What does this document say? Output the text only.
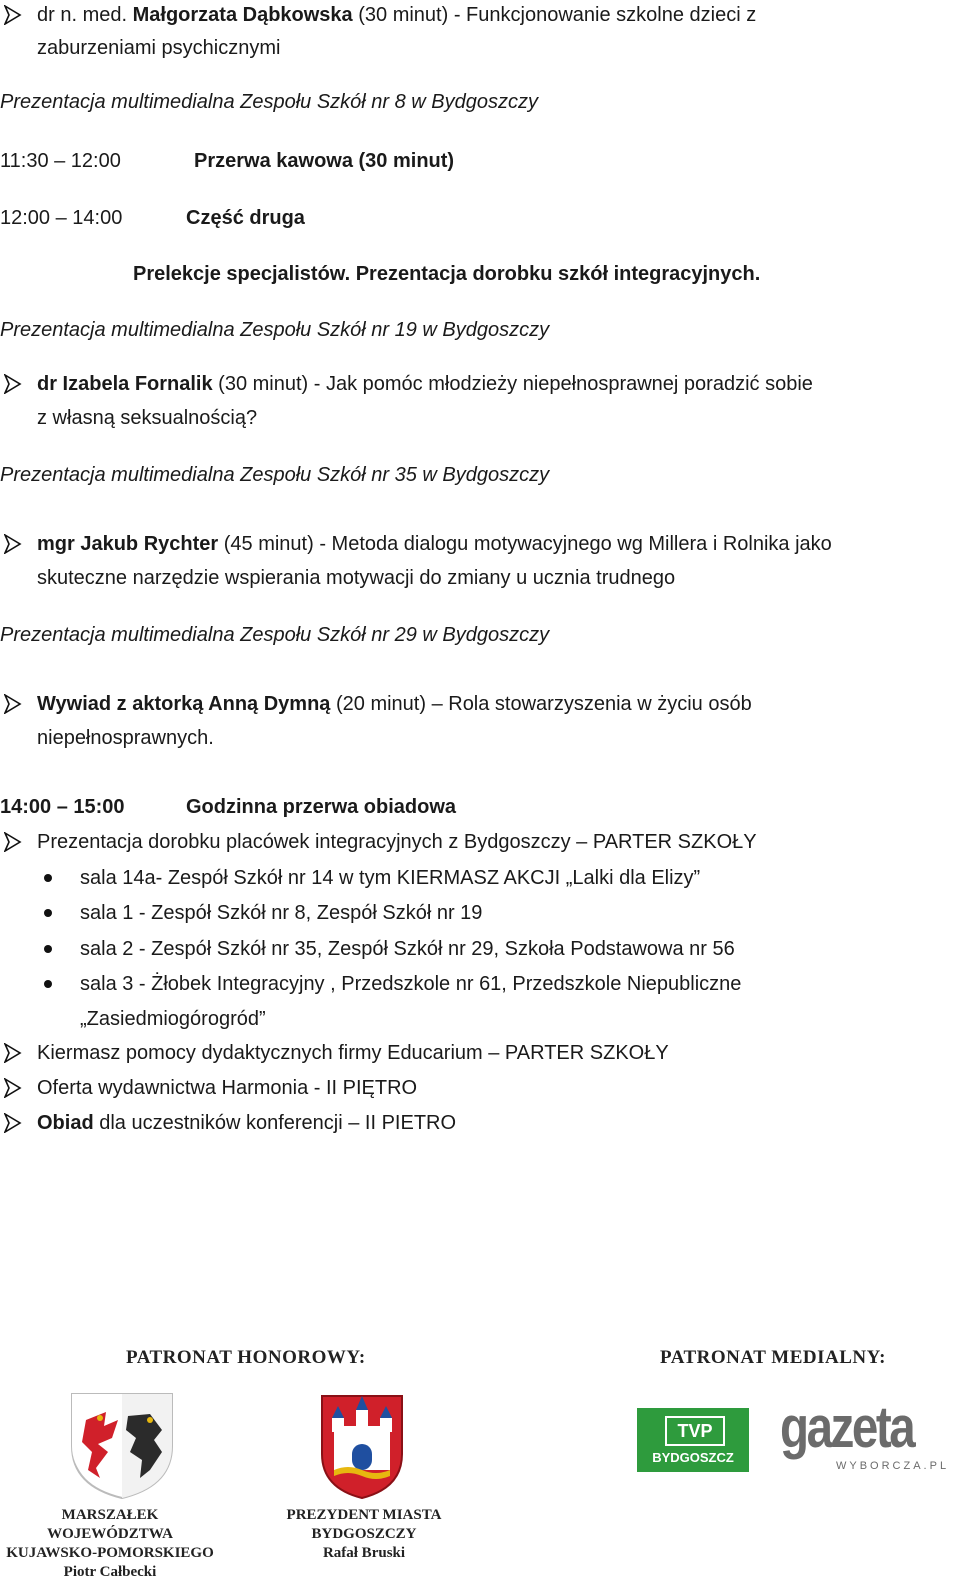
dr n. med. Małgorzata Dąbkowska (30 minut) - Funkcjonowanie szkolne dzieci z
zaburzeniami psychicznymi
Prezentacja multimedialna Zespołu Szkół nr 8 w Bydgoszczy
11:30 – 12:00	Przerwa kawowa (30 minut)
12:00 – 14:00	Część druga
Prelekcje specjalistów. Prezentacja dorobku szkół integracyjnych.
Prezentacja multimedialna Zespołu Szkół nr 19 w Bydgoszczy
dr Izabela Fornalik (30 minut) - Jak pomóc młodzieży niepełnosprawnej poradzić sobie
z własną seksualnością?
Prezentacja multimedialna Zespołu Szkół nr 35 w Bydgoszczy
mgr Jakub Rychter (45 minut) - Metoda dialogu motywacyjnego wg Millera i Rolnika jako
skuteczne narzędzie wspierania motywacji do zmiany u ucznia trudnego
Prezentacja multimedialna Zespołu Szkół nr 29 w Bydgoszczy
Wywiad z aktorką Anną Dymną (20 minut) – Rola stowarzyszenia w życiu osób
niepełnosprawnych.
14:00 – 15:00	Godzinna przerwa obiadowa
Prezentacja dorobku placówek integracyjnych z Bydgoszczy – PARTER SZKOŁY
sala 14a- Zespół Szkół nr 14 w tym KIERMASZ AKCJI „Lalki dla Elizy”
sala 1 - Zespół Szkół nr 8, Zespół Szkół nr 19
sala 2 - Zespół Szkół nr 35, Zespół Szkół nr 29, Szkoła Podstawowa nr 56
sala 3 - Żłobek Integracyjny , Przedszkole nr 61, Przedszkole Niepubliczne
„Zasiedmiogórogród”
Kiermasz pomocy dydaktycznych firmy Educarium – PARTER SZKOŁY
Oferta wydawnictwa Harmonia - II PIĘTRO
Obiad dla uczestników konferencji – II PIETRO
PATRONAT HONOROWY:	PATRONAT MEDIALNY:
TVP
BYDGOSZCZ gazeta
WYBORCZA.PL
MARSZAŁEK WOJEWÓDZTWA
KUJAWSKO-POMORSKIEGO
Piotr Całbecki
PREZYDENT MIASTA BYDGOSZCZY
Rafał Bruski
